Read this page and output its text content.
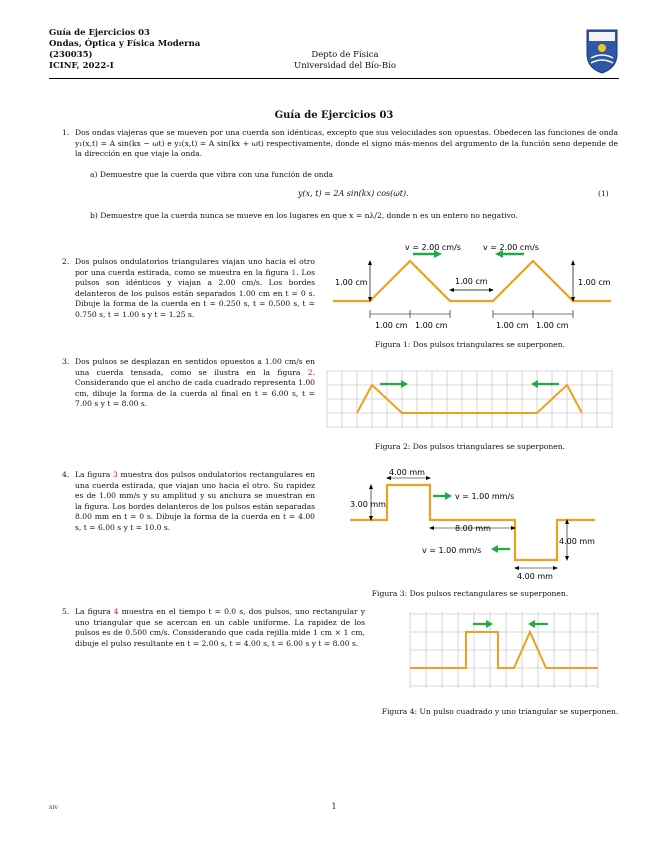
Guía de Ejercicios 03
Ondas, Óptica y Física Moderna
(230035)
ICINF, 2022-I
Depto de Física
Universidad del Bío-Bío
Guía de Ejercicios 03
1. Dos ondas viajeras que se mueven por una cuerda son idénticas, excepto que sus velocidades son opuestas. Obedecen las funciones de onda y₁(x,t) = A sin(kx − ωt) e y₂(x,t) = A sin(kx + ωt) respectivamente, donde el signo más-menos del argumento de la función seno depende de la dirección en que viaje la onda.
a) Demuestre que la cuerda que vibra con una función de onda
y(x, t) = 2A sin(kx) cos(ωt).	(1)
b) Demuestre que la cuerda nunca se mueve en los lugares en que x = nλ/2, donde n es un entero no negativo.
2. Dos pulsos ondulatorios triangulares viajan uno hacia el otro por una cuerda estirada, como se muestra en la figura 1. Los pulsos son idénticos y viajan a 2.00 cm/s. Los bordes delanteros de los pulsos están separados 1.00 cm en t = 0 s. Dibuje la forma de la cuerda en t = 0.250 s, t = 0.500 s, t = 0.750 s, t = 1.00 s y t = 1.25 s.
v = 2.00 cm/s	v = 2.00 cm/s
1.00 cm	1.00 cm
1.00 cm
1.00 cm 1.00 cm	1.00 cm 1.00 cm
Figura 1: Dos pulsos triangulares se superponen.
3. Dos pulsos se desplazan en sentidos opuestos a 1.00 cm/s en una cuerda tensada, como se ilustra en la figura 2. Considerando que el ancho de cada cuadrado representa 1.00 cm, dibuje la forma de la cuerda al final en t = 6.00 s, t = 7.00 s y t = 8.00 s.
Figura 2: Dos pulsos triangulares se superponen.
4. La figura 3 muestra dos pulsos ondulatorios rectangulares en una cuerda estirada, que viajan uno hacia el otro. Su rapidez es de 1.00 mm/s y su amplitud y su anchura se muestran en la figura. Los bordes delanteros de los pulsos están separadas 8.00 mm en t = 0 s. Dibuje la forma de la cuerda en t = 4.00 s, t = 6.00 s y t = 10.0 s.
4.00 mm
3.00 mm
v = 1.00 mm/s
8.00 mm
v = 1.00 mm/s
4.00 mm
4.00 mm
Figura 3: Dos pulsos rectangulares se superponen.
5. La figura 4 muestra en el tiempo t = 0.0 s, dos pulsos, uno rectangular y uno triangular que se acercan en un cable uniforme. La rapidez de los pulsos es de 0.500 cm/s. Considerando que cada rejilla mide 1 cm × 1 cm, dibuje el pulso resultante en t = 2.00 s, t = 4.00 s, t = 6.00 s y t = 8.00 s.
Figura 4: Un pulso cuadrado y uno triangular se superponen.
SIV	1
